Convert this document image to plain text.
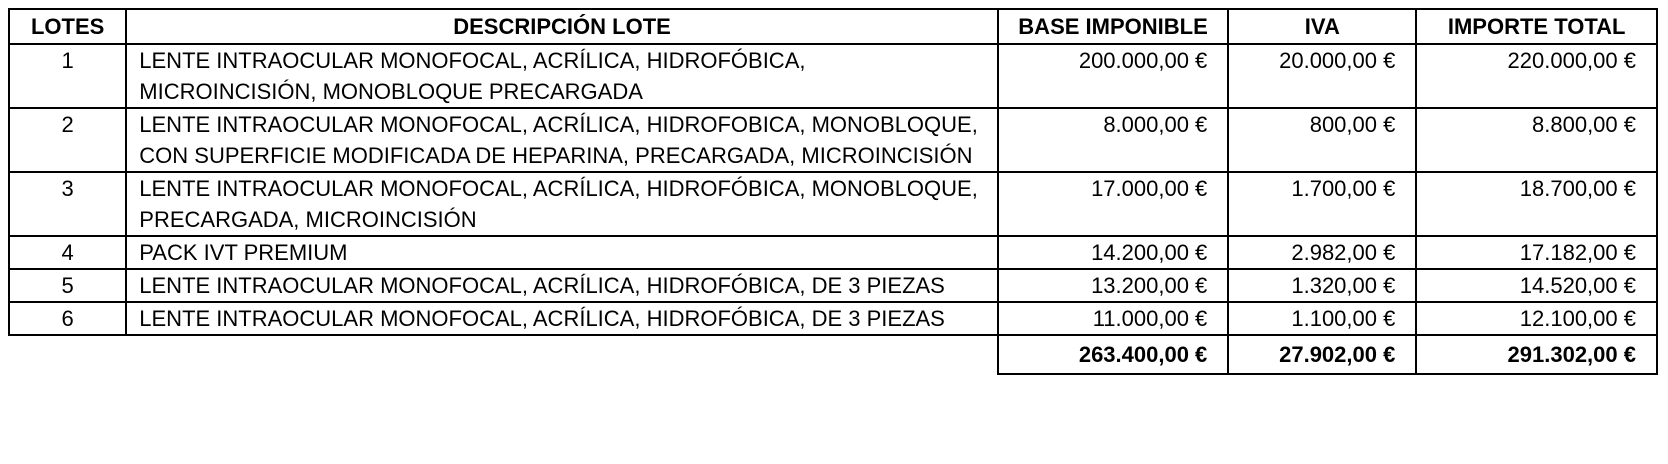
LOTES	DESCRIPCIÓN LOTE	BASE IMPONIBLE	IVA	IMPORTE TOTAL
1	LENTE INTRAOCULAR MONOFOCAL, ACRÍLICA, HIDROFÓBICA, MICROINCISIÓN, MONOBLOQUE PRECARGADA	200.000,00 €	20.000,00 €	220.000,00 €
2	LENTE INTRAOCULAR MONOFOCAL, ACRÍLICA, HIDROFOBICA, MONOBLOQUE, CON SUPERFICIE MODIFICADA DE HEPARINA, PRECARGADA, MICROINCISIÓN	8.000,00 €	800,00 €	8.800,00 €
3	LENTE INTRAOCULAR MONOFOCAL, ACRÍLICA, HIDROFÓBICA, MONOBLOQUE, PRECARGADA, MICROINCISIÓN	17.000,00 €	1.700,00 €	18.700,00 €
4	PACK IVT PREMIUM	14.200,00 €	2.982,00 €	17.182,00 €
5	LENTE INTRAOCULAR MONOFOCAL, ACRÍLICA, HIDROFÓBICA, DE 3 PIEZAS	13.200,00 €	1.320,00 €	14.520,00 €
6	LENTE INTRAOCULAR MONOFOCAL, ACRÍLICA, HIDROFÓBICA, DE 3 PIEZAS	11.000,00 €	1.100,00 €	12.100,00 €
		263.400,00 €	27.902,00 €	291.302,00 €
